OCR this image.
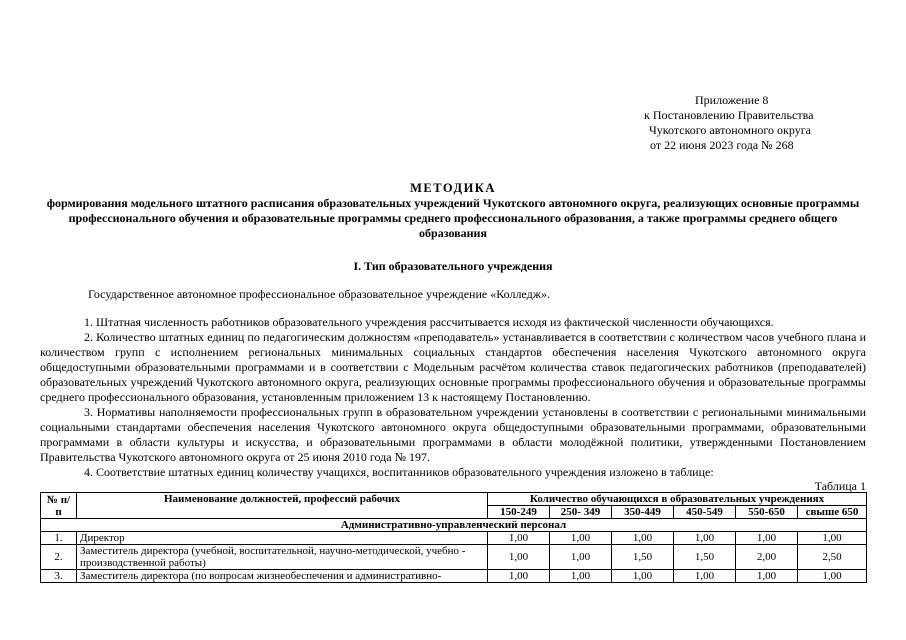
Приложение 8
к Постановлению Правительства
Чукотского автономного округа
от 22 июня 2023 года № 268
МЕТОДИКА
формирования модельного штатного расписания образовательных учреждений Чукотского автономного округа, реализующих основные программы профессионального обучения и образовательные программы среднего профессионального образования, а также программы среднего общего образования
I. Тип образовательного учреждения
Государственное автономное профессиональное образовательное учреждение «Колледж».

1. Штатная численность работников образовательного учреждения рассчитывается исходя из фактической численности обучающихся.

2. Количество штатных единиц по педагогическим должностям «преподаватель» устанавливается в соответствии с количеством часов учебного плана и количеством групп с исполнением региональных минимальных социальных стандартов обеспечения населения Чукотского автономного округа общедоступными образовательными программами и в соответствии с Модельным расчётом количества ставок педагогических работников (преподавателей) образовательных учреждений Чукотского автономного округа, реализующих основные программы профессионального обучения и образовательные программы среднего профессионального образования, установленным приложением 13 к настоящему Постановлению.

3. Нормативы наполняемости профессиональных групп в образовательном учреждении установлены в соответствии с региональными минимальными социальными стандартами обеспечения населения Чукотского автономного округа общедоступными образовательными программами, образовательными программами в области культуры и искусства, и образовательными программами в области молодёжной политики, утвержденными Постановлением Правительства Чукотского автономного округа от 25 июня 2010 года № 197.

4. Соответствие штатных единиц количеству учащихся, воспитанников образовательного учреждения изложено в таблице:

Таблица 1
№ п/п	Наименование должностей, профессий рабочих	Количество обучающихся в образовательных учреждениях					
		150-249	250- 349	350-449	450-549	550-650	свыше 650
Административно-управленческий персонал							
1.	Директор	1,00	1,00	1,00	1,00	1,00	1,00
2.	Заместитель директора (учебной, воспитательной, научно-методической, учебно - производственной работы)	1,00	1,00	1,50	1,50	2,00	2,50
3.	Заместитель директора (по вопросам жизнеобеспечения и административно-	1,00	1,00	1,00	1,00	1,00	1,00
